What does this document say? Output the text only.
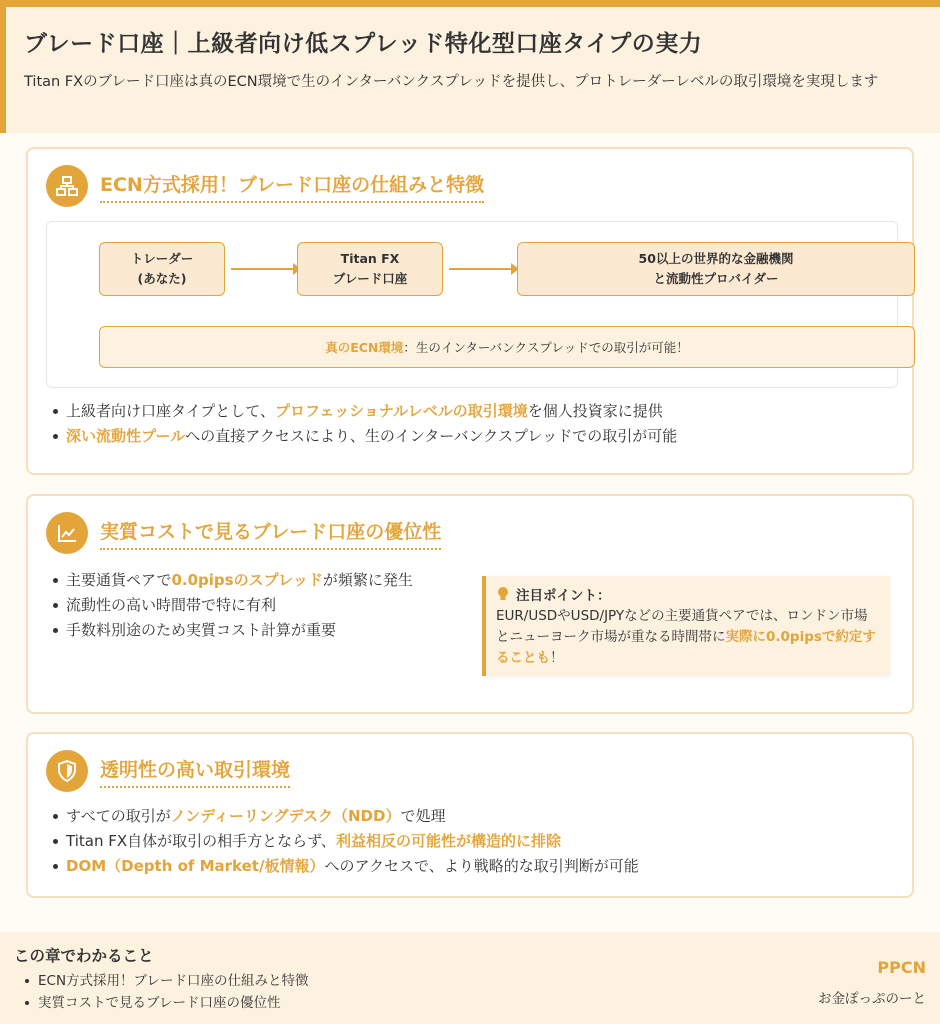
ブレード口座｜上級者向け低スプレッド特化型口座タイプの実力

Titan FXのブレード口座は真のECN環境で生のインターバンクスプレッドを提供し、プロトレーダーレベルの取引環境を実現します

ECN方式採用！ブレード口座の仕組みと特徴
トレーダー
(あなた)
Titan FX
ブレード口座
50以上の世界的な金融機関
と流動性プロバイダー
真のECN環境 ：生のインターバンクスプレッドでの取引が可能！
上級者向け口座タイプとして、プロフェッショナルレベルの取引環境を個人投資家に提供
深い流動性プールへの直接アクセスにより、生のインターバンクスプレッドでの取引が可能
実質コストで見るブレード口座の優位性
主要通貨ペアで0.0pipsのスプレッドが頻繁に発生
流動性の高い時間帯で特に有利
手数料別途のため実質コスト計算が重要
注目ポイント：
EUR/USDやUSD/JPYなどの主要通貨ペアでは、ロンドン市場とニューヨーク市場が重なる時間帯に実際に0.0pipsで約定することも！
透明性の高い取引環境
すべての取引がノンディーリングデスク（NDD）で処理
Titan FX自体が取引の相手方とならず、利益相反の可能性が構造的に排除
DOM（Depth of Market/板情報）へのアクセスで、より戦略的な取引判断が可能
この章でわかること
ECN方式採用！ブレード口座の仕組みと特徴
実質コストで見るブレード口座の優位性
PPCN
お金ぽっぷのーと
